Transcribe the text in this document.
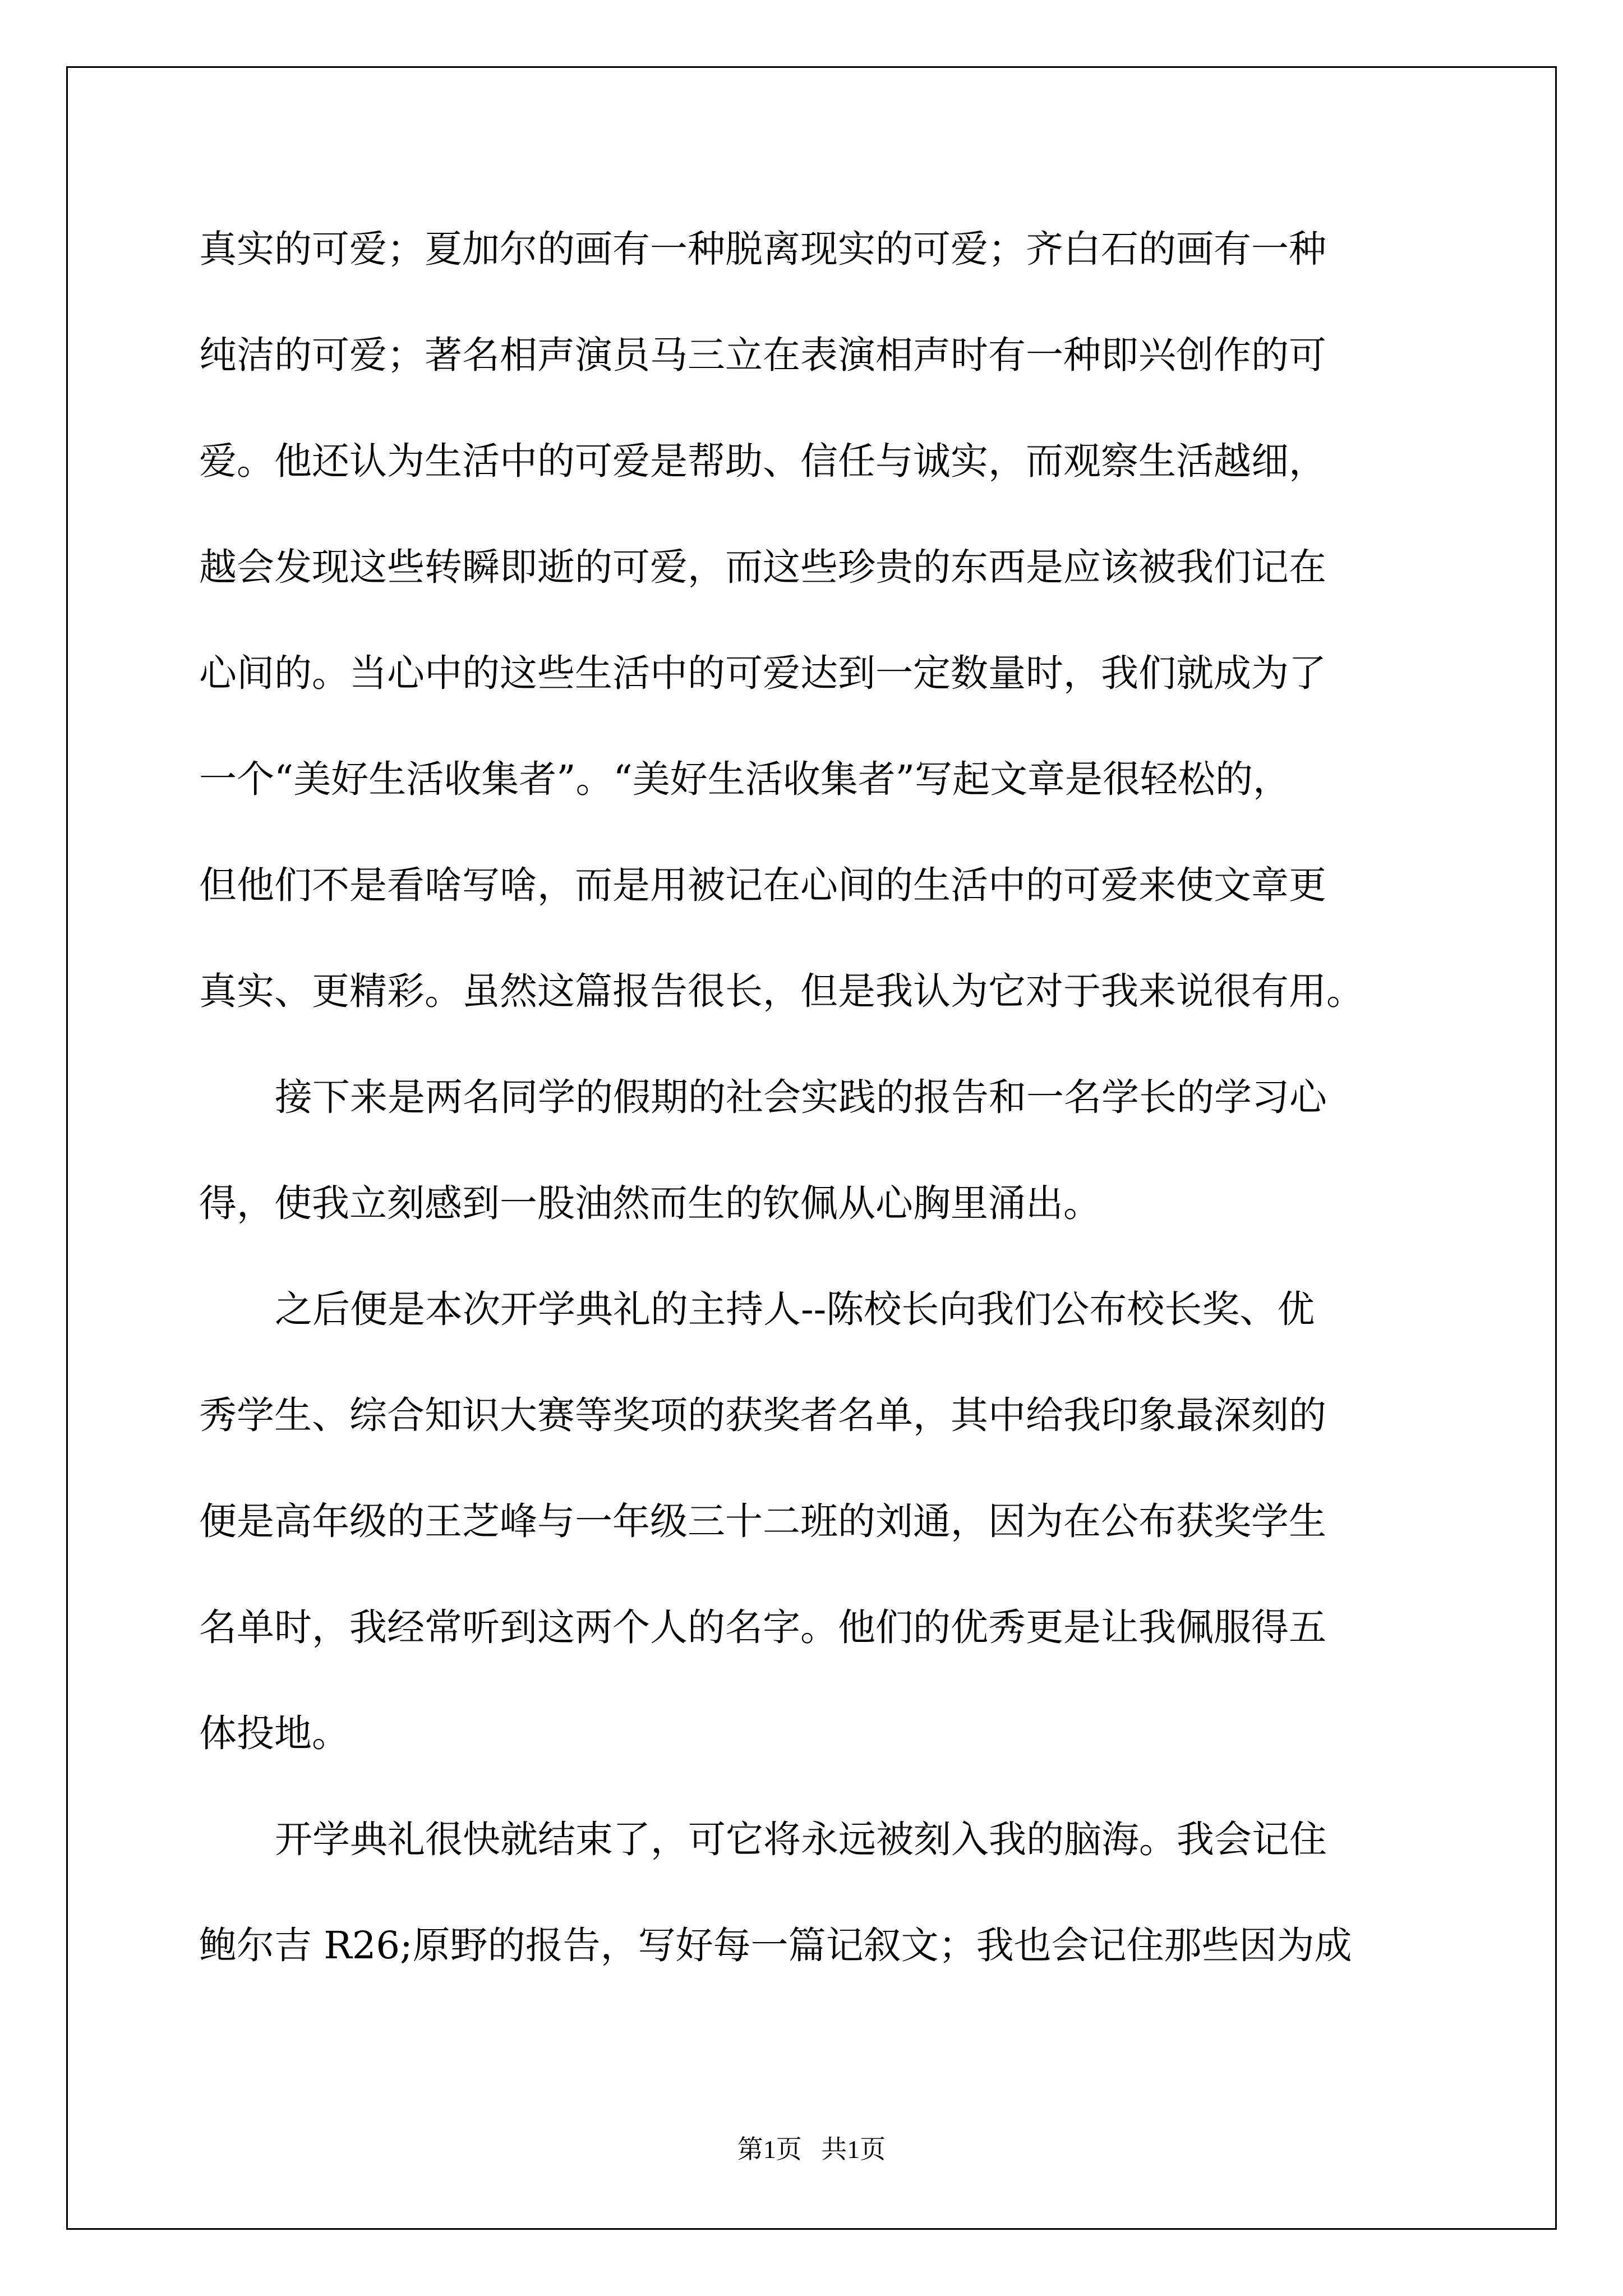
真实的可爱；夏加尔的画有一种脱离现实的可爱；齐白石的画有一种
纯洁的可爱；著名相声演员马三立在表演相声时有一种即兴创作的可
爱。他还认为生活中的可爱是帮助、信任与诚实，而观察生活越细，
越会发现这些转瞬即逝的可爱，而这些珍贵的东西是应该被我们记在
心间的。当心中的这些生活中的可爱达到一定数量时，我们就成为了
一个“美好生活收集者”。“美好生活收集者”写起文章是很轻松的，
但他们不是看啥写啥，而是用被记在心间的生活中的可爱来使文章更
真实、更精彩。虽然这篇报告很长，但是我认为它对于我来说很有用。
接下来是两名同学的假期的社会实践的报告和一名学长的学习心
得，使我立刻感到一股油然而生的钦佩从心胸里涌出。
之后便是本次开学典礼的主持人--陈校长向我们公布校长奖、优
秀学生、综合知识大赛等奖项的获奖者名单，其中给我印象最深刻的
便是高年级的王芝峰与一年级三十二班的刘通，因为在公布获奖学生
名单时，我经常听到这两个人的名字。他们的优秀更是让我佩服得五
体投地。
开学典礼很快就结束了，可它将永远被刻入我的脑海。我会记住
鲍尔吉 R26;原野的报告，写好每一篇记叙文；我也会记住那些因为成
第1页   共1页
